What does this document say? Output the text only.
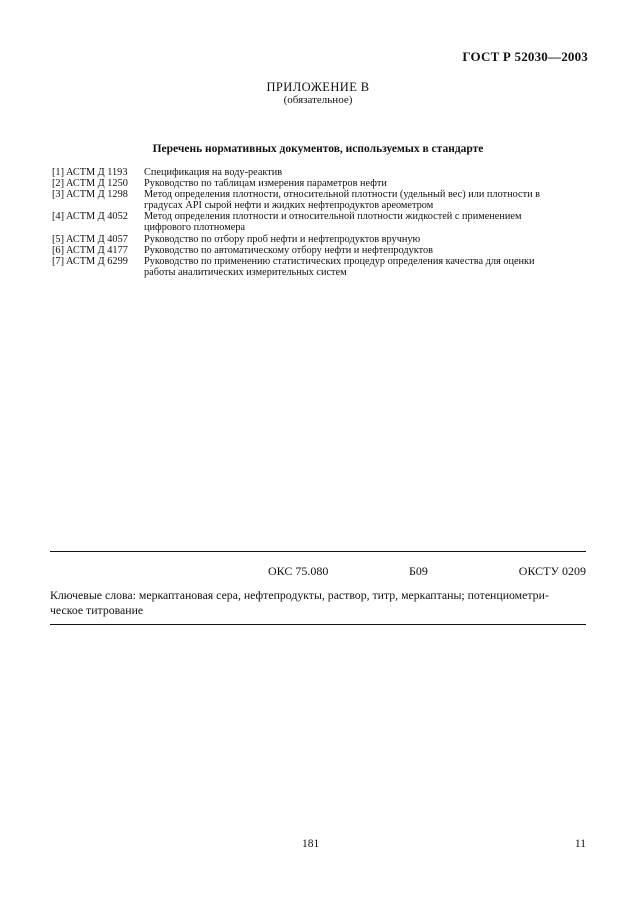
ГОСТ Р 52030—2003
ПРИЛОЖЕНИЕ В
(обязательное)
Перечень нормативных документов, используемых в стандарте
[1] АСТМ Д 1193	Спецификация на воду-реактив
[2] АСТМ Д 1250	Руководство по таблицам измерения параметров нефти
[3] АСТМ Д 1298	Метод определения плотности, относительной плотности (удельный вес) или плотности в
градусах API сырой нефти и жидких нефтепродуктов ареометром
[4] АСТМ Д 4052	Метод определения плотности и относительной плотности жидкостей с применением
цифрового плотномера
[5] АСТМ Д 4057	Руководство по отбору проб нефти и нефтепродуктов вручную
[6] АСТМ Д 4177	Руководство по автоматическому отбору нефти и нефтепродуктов
[7] АСТМ Д 6299	Руководство по применению статистических процедур определения качества для оценки
работы аналитических измерительных систем
ОКС 75.080	Б09	ОКСТУ 0209
Ключевые слова: меркаптановая сера, нефтепродукты, раствор, титр, меркаптаны; потенциометри-
ческое титрование
181	11
